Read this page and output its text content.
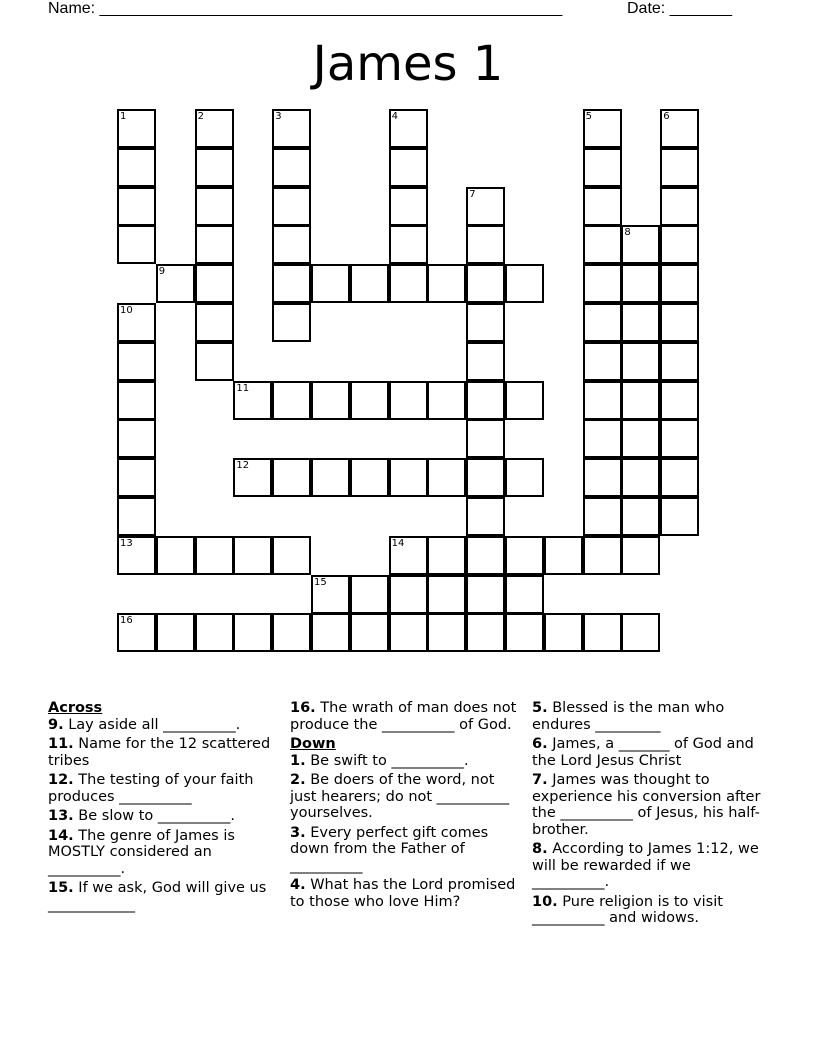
Name: ____________________________________________________	Date: _______
James 1
1
10
13
16
9
2
11
12
3
15
4
14
7
5
8
6
Across
9. Lay aside all __________.
11. Name for the 12 scattered tribes
12. The testing of your faith produces __________
13. Be slow to __________.
14. The genre of James is MOSTLY considered an __________.
15. If we ask, God will give us ____________
16. The wrath of man does not produce the __________ of God.
Down
1. Be swift to __________.
2. Be doers of the word, not just hearers; do not __________ yourselves.
3. Every perfect gift comes down from the Father of __________
4. What has the Lord promised to those who love Him?
5. Blessed is the man who endures _________
6. James, a _______ of God and the Lord Jesus Christ
7. James was thought to experience his conversion after the __________ of Jesus, his half-brother.
8. According to James 1:12, we will be rewarded if we __________.
10. Pure religion is to visit __________ and widows.
